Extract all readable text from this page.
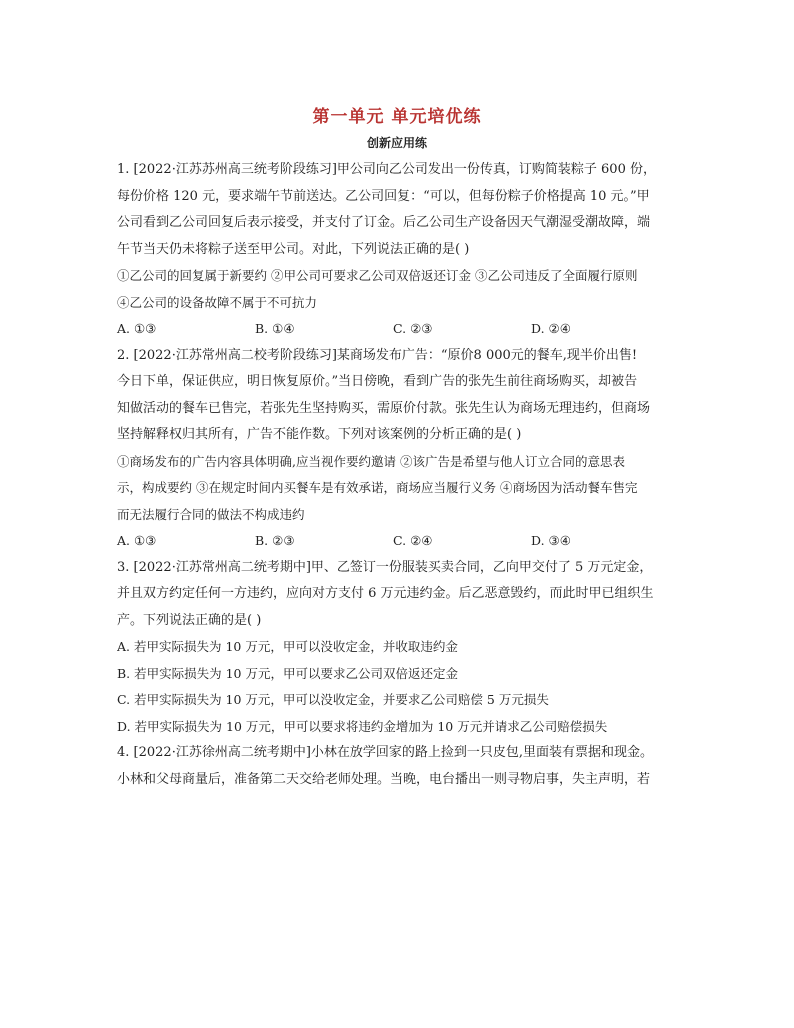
第一单元 单元培优练
创新应用练
1. [2022·江苏苏州高三统考阶段练习]甲公司向乙公司发出一份传真，订购简装粽子 600 份，
每份价格 120 元，要求端午节前送达。乙公司回复：“可以，但每份粽子价格提高 10 元。”甲
公司看到乙公司回复后表示接受，并支付了订金。后乙公司生产设备因天气潮湿受潮故障，端
午节当天仍未将粽子送至甲公司。对此，下列说法正确的是( )
①乙公司的回复属于新要约 ②甲公司可要求乙公司双倍返还订金 ③乙公司违反了全面履行原则
④乙公司的设备故障不属于不可抗力
A. ①③	B. ①④	C. ②③	D. ②④
2. [2022·江苏常州高二校考阶段练习]某商场发布广告：“原价8 000元的餐车,现半价出售!
今日下单，保证供应，明日恢复原价。”当日傍晚，看到广告的张先生前往商场购买，却被告
知做活动的餐车已售完，若张先生坚持购买，需原价付款。张先生认为商场无理违约，但商场
坚持解释权归其所有，广告不能作数。下列对该案例的分析正确的是( )
①商场发布的广告内容具体明确,应当视作要约邀请 ②该广告是希望与他人订立合同的意思表
示，构成要约 ③在规定时间内买餐车是有效承诺，商场应当履行义务 ④商场因为活动餐车售完
而无法履行合同的做法不构成违约
A. ①③	B. ②③	C. ②④	D. ③④
3. [2022·江苏常州高二统考期中]甲、乙签订一份服装买卖合同，乙向甲交付了 5 万元定金，
并且双方约定任何一方违约，应向对方支付 6 万元违约金。后乙恶意毁约，而此时甲已组织生
产。下列说法正确的是( )
A. 若甲实际损失为 10 万元，甲可以没收定金，并收取违约金
B. 若甲实际损失为 10 万元，甲可以要求乙公司双倍返还定金
C. 若甲实际损失为 10 万元，甲可以没收定金，并要求乙公司赔偿 5 万元损失
D. 若甲实际损失为 10 万元，甲可以要求将违约金增加为 10 万元并请求乙公司赔偿损失
4. [2022·江苏徐州高二统考期中]小林在放学回家的路上捡到一只皮包,里面装有票据和现金。
小林和父母商量后，准备第二天交给老师处理。当晚，电台播出一则寻物启事，失主声明，若
